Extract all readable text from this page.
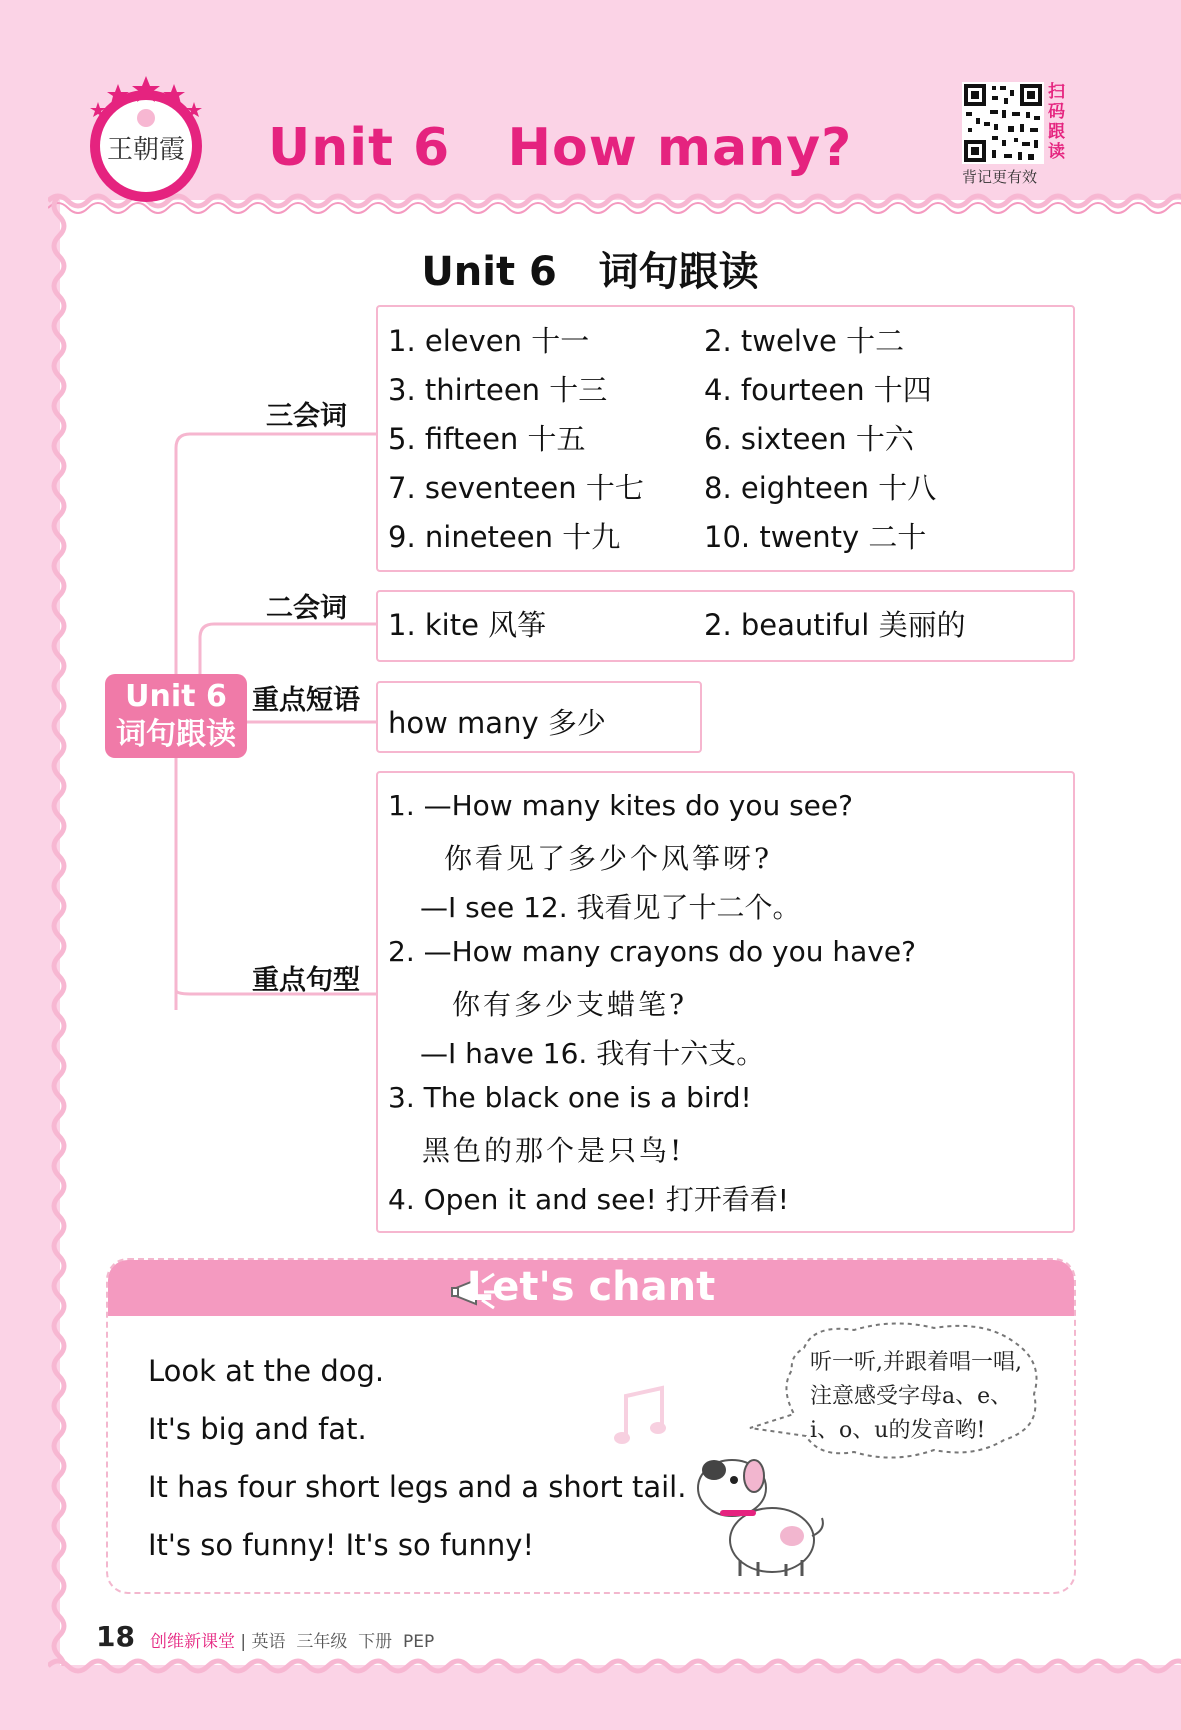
王朝霞 Unit 6   How many?
扫码跟读
背记更有效
Unit 6   词句跟读
Unit 6
词句跟读
三会词
二会词
重点短语
重点句型
1. eleven 十一	2. twelve 十二
3. thirteen 十三	4. fourteen 十四
5. fifteen 十五	6. sixteen 十六
7. seventeen 十七	8. eighteen 十八
9. nineteen 十九	10. twenty 二十
1. kite 风筝	2. beautiful 美丽的
how many 多少
1. —How many kites do you see?
你看见了多少个风筝呀?
—I see 12. 我看见了十二个。
2. —How many crayons do you have?
你有多少支蜡笔?
—I have 16. 我有十六支。
3. The black one is a bird!
黑色的那个是只鸟!
4. Open it and see! 打开看看!
Let's chant
Look at the dog.
It's big and fat.
It has four short legs and a short tail.
It's so funny! It's so funny!
听一听,并跟着唱一唱,注意感受字母a、e、i、o、u的发音哟!
18 创维新课堂 | 英语  三年级  下册  PEP
